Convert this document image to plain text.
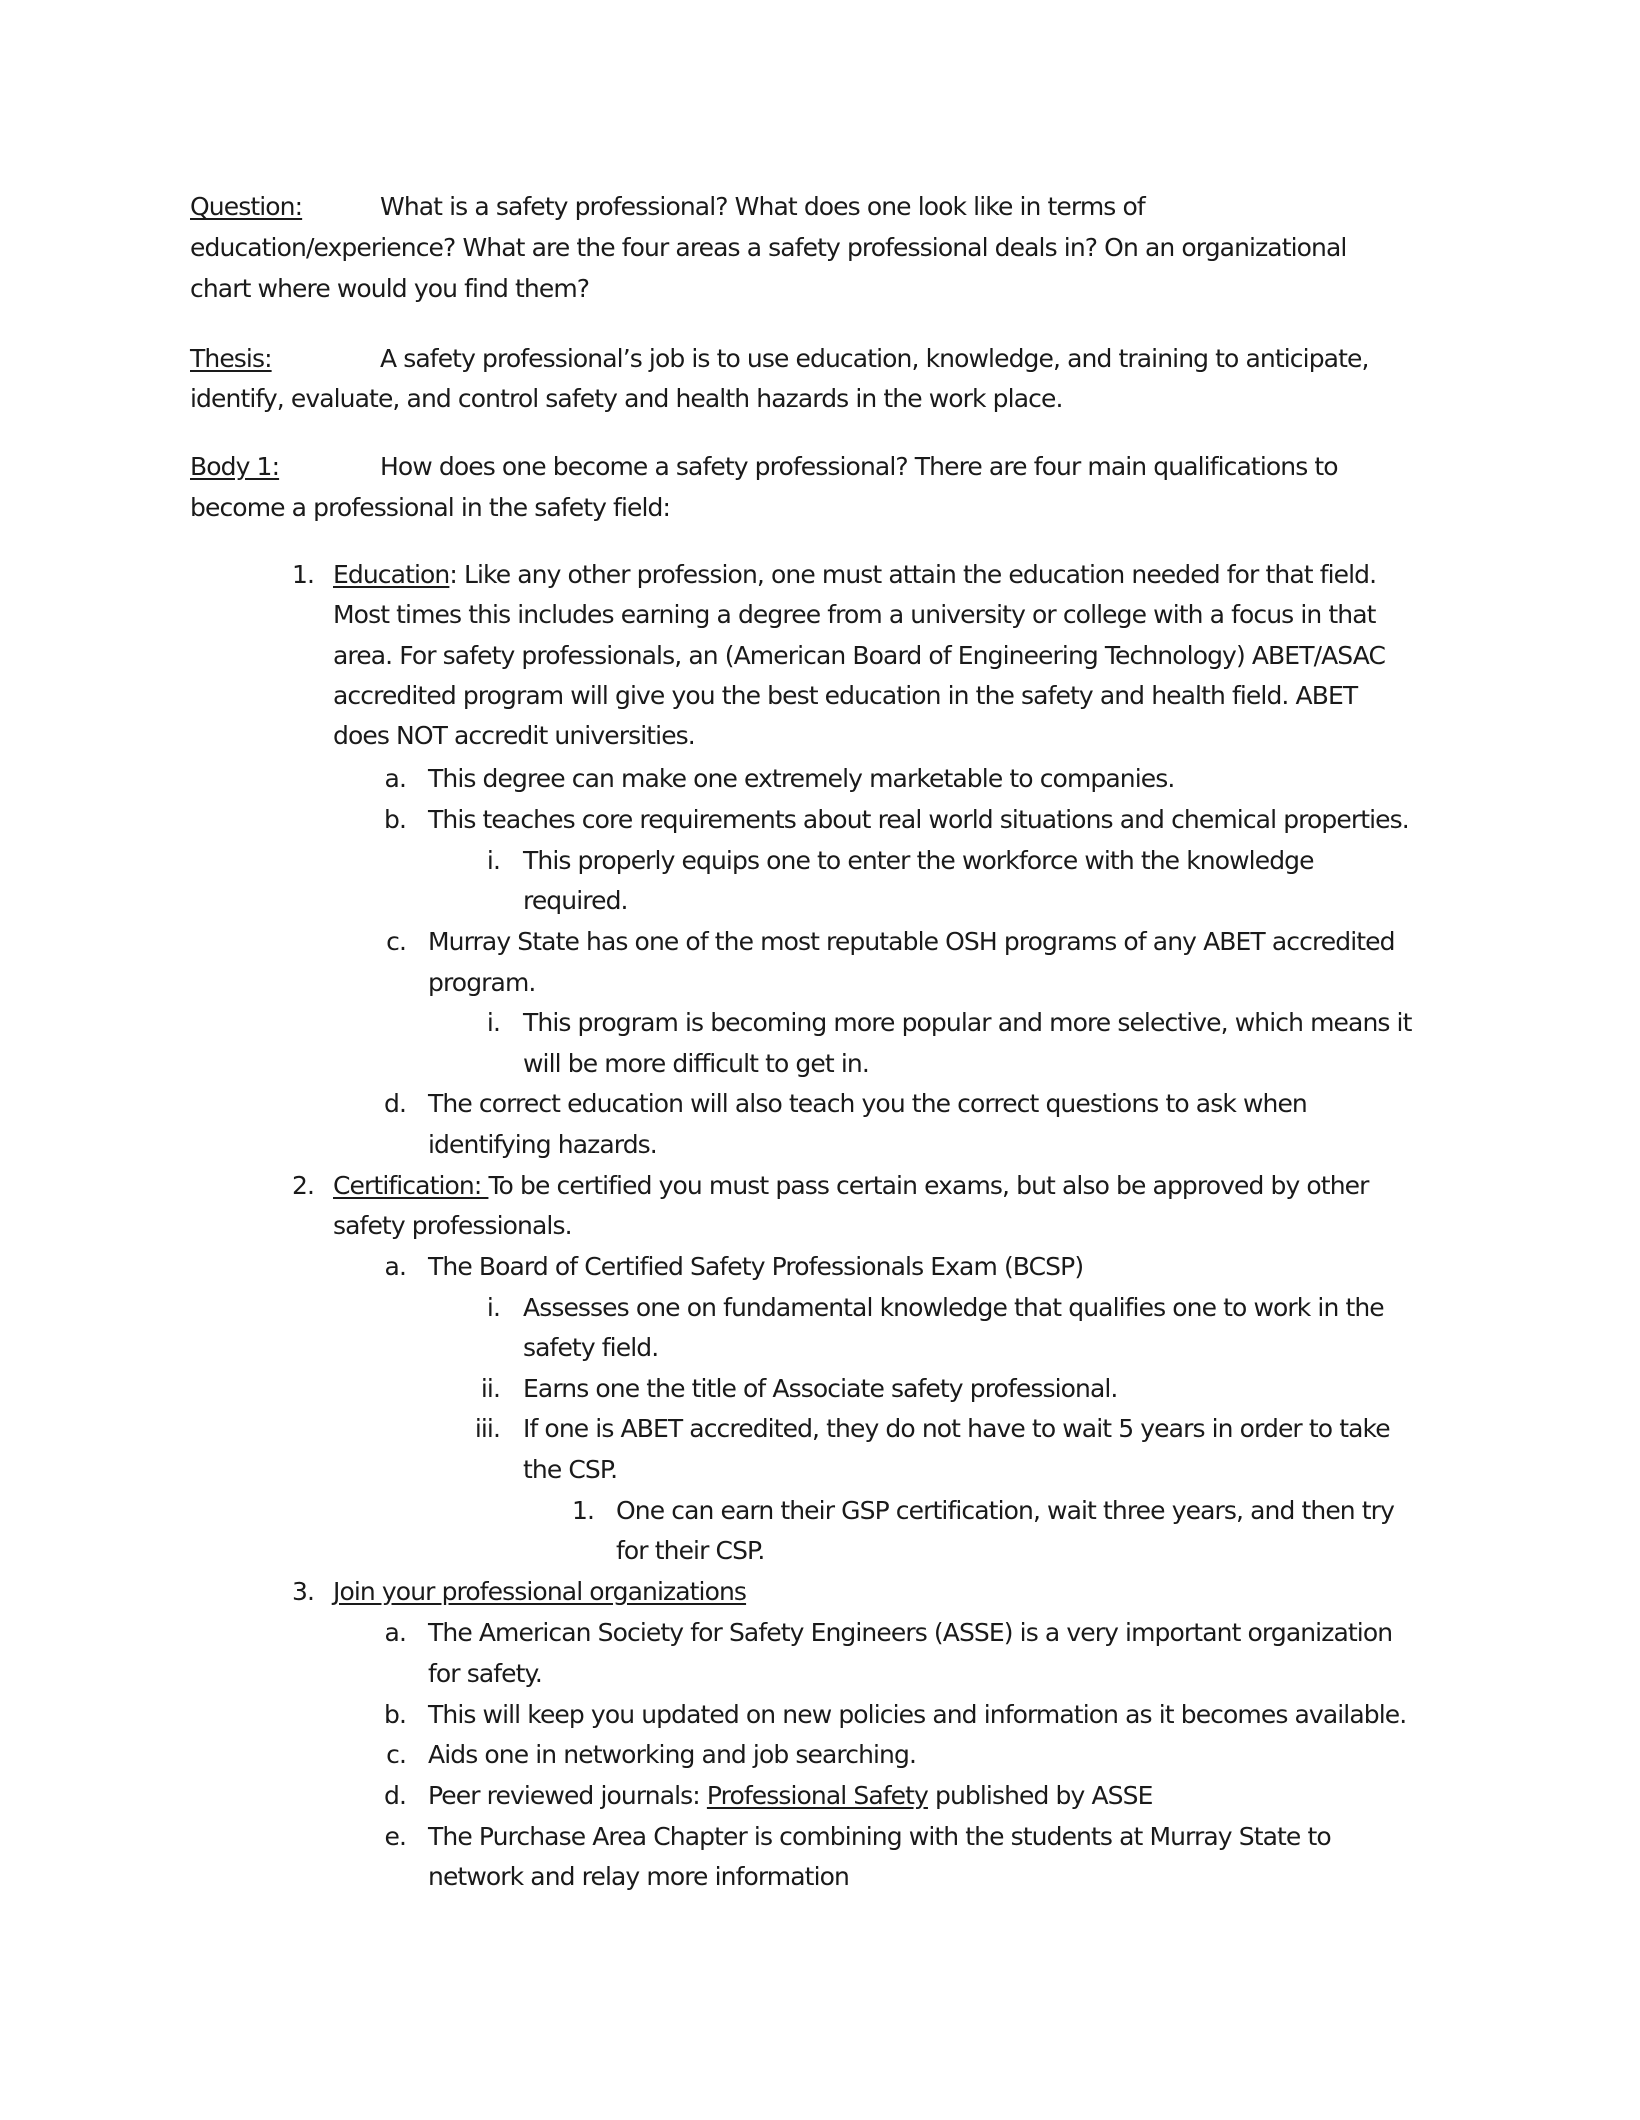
Question:	What is a safety professional? What does one look like in terms of
education/experience? What are the four areas a safety professional deals in? On an organizational
chart where would you find them?
Thesis:	A safety professional’s job is to use education, knowledge, and training to anticipate,
identify, evaluate, and control safety and health hazards in the work place.
Body 1:	How does one become a safety professional? There are four main qualifications to
become a professional in the safety field:
1. Education: Like any other profession, one must attain the education needed for that field.
Most times this includes earning a degree from a university or college with a focus in that
area. For safety professionals, an (American Board of Engineering Technology) ABET/ASAC
accredited program will give you the best education in the safety and health field. ABET
does NOT accredit universities.
a. This degree can make one extremely marketable to companies.
b. This teaches core requirements about real world situations and chemical properties.
i. This properly equips one to enter the workforce with the knowledge
required.
c. Murray State has one of the most reputable OSH programs of any ABET accredited
program.
i. This program is becoming more popular and more selective, which means it
will be more difficult to get in.
d. The correct education will also teach you the correct questions to ask when
identifying hazards.
2. Certification: To be certified you must pass certain exams, but also be approved by other
safety professionals.
a. The Board of Certified Safety Professionals Exam (BCSP)
i. Assesses one on fundamental knowledge that qualifies one to work in the
safety field.
ii. Earns one the title of Associate safety professional.
iii. If one is ABET accredited, they do not have to wait 5 years in order to take
the CSP.
1. One can earn their GSP certification, wait three years, and then try
for their CSP.
3. Join your professional organizations
a. The American Society for Safety Engineers (ASSE) is a very important organization
for safety.
b. This will keep you updated on new policies and information as it becomes available.
c. Aids one in networking and job searching.
d. Peer reviewed journals: Professional Safety published by ASSE
e. The Purchase Area Chapter is combining with the students at Murray State to
network and relay more information
